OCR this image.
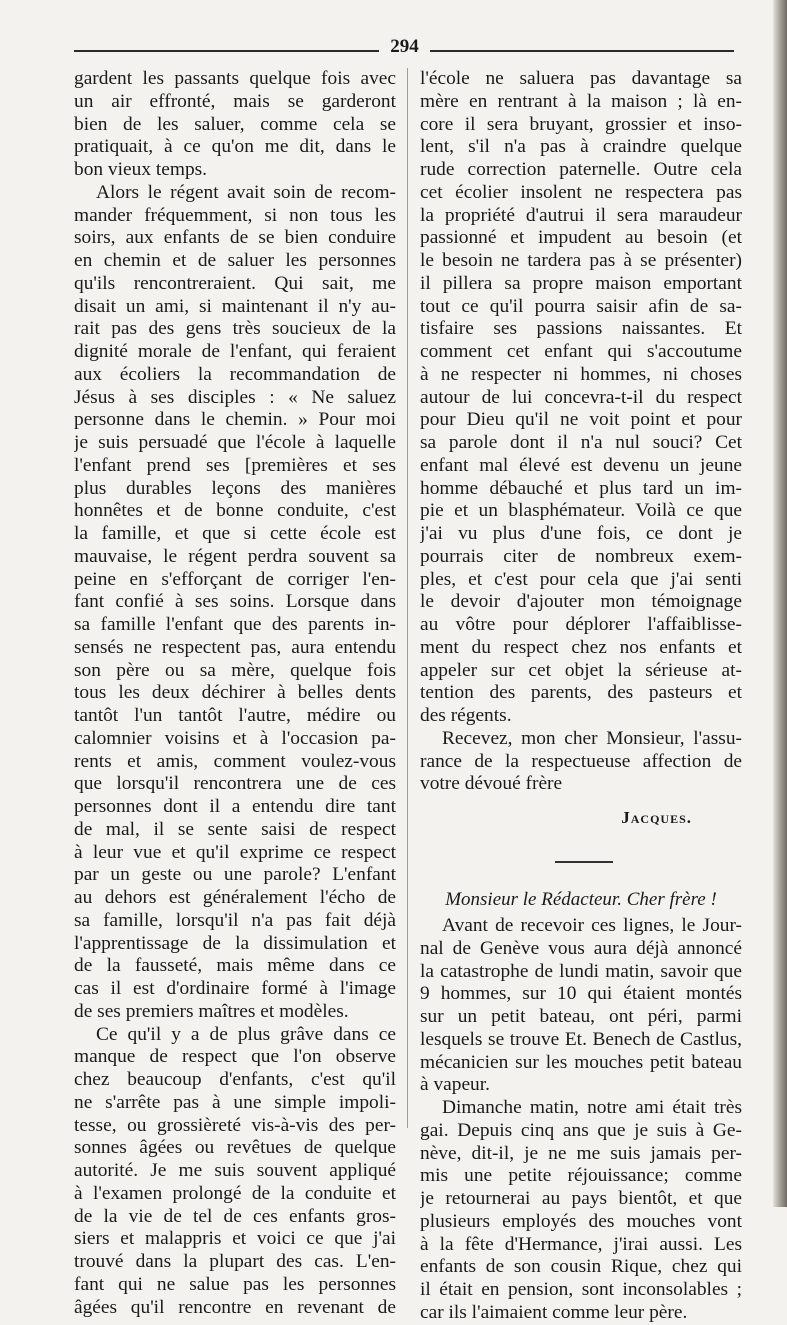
294
gardent les passants quelque fois avec
un air effronté, mais se garderont
bien de les saluer, comme cela se
pratiquait, à ce qu'on me dit, dans le
bon vieux temps.
Alors le régent avait soin de recom-
mander fréquemment, si non tous les
soirs, aux enfants de se bien conduire
en chemin et de saluer les personnes
qu'ils rencontreraient. Qui sait, me
disait un ami, si maintenant il n'y au-
rait pas des gens très soucieux de la
dignité morale de l'enfant, qui feraient
aux écoliers la recommandation de
Jésus à ses disciples : « Ne saluez
personne dans le chemin. » Pour moi
je suis persuadé que l'école à laquelle
l'enfant prend ses [premières et ses
plus durables leçons des manières
honnêtes et de bonne conduite, c'est
la famille, et que si cette école est
mauvaise, le régent perdra souvent sa
peine en s'efforçant de corriger l'en-
fant confié à ses soins. Lorsque dans
sa famille l'enfant que des parents in-
sensés ne respectent pas, aura entendu
son père ou sa mère, quelque fois
tous les deux déchirer à belles dents
tantôt l'un tantôt l'autre, médire ou
calomnier voisins et à l'occasion pa-
rents et amis, comment voulez-vous
que lorsqu'il rencontrera une de ces
personnes dont il a entendu dire tant
de mal, il se sente saisi de respect
à leur vue et qu'il exprime ce respect
par un geste ou une parole? L'enfant
au dehors est généralement l'écho de
sa famille, lorsqu'il n'a pas fait déjà
l'apprentissage de la dissimulation et
de la fausseté, mais même dans ce
cas il est d'ordinaire formé à l'image
de ses premiers maîtres et modèles.
Ce qu'il y a de plus grâve dans ce
manque de respect que l'on observe
chez beaucoup d'enfants, c'est qu'il
ne s'arrête pas à une simple impoli-
tesse, ou grossièreté vis-à-vis des per-
sonnes âgées ou revêtues de quelque
autorité. Je me suis souvent appliqué
à l'examen prolongé de la conduite et
de la vie de tel de ces enfants gros-
siers et malappris et voici ce que j'ai
trouvé dans la plupart des cas. L'en-
fant qui ne salue pas les personnes
âgées qu'il rencontre en revenant de
l'école ne saluera pas davantage sa
mère en rentrant à la maison ; là en-
core il sera bruyant, grossier et inso-
lent, s'il n'a pas à craindre quelque
rude correction paternelle. Outre cela
cet écolier insolent ne respectera pas
la propriété d'autrui il sera maraudeur
passionné et impudent au besoin (et
le besoin ne tardera pas à se présenter)
il pillera sa propre maison emportant
tout ce qu'il pourra saisir afin de sa-
tisfaire ses passions naissantes. Et
comment cet enfant qui s'accoutume
à ne respecter ni hommes, ni choses
autour de lui concevra-t-il du respect
pour Dieu qu'il ne voit point et pour
sa parole dont il n'a nul souci? Cet
enfant mal élevé est devenu un jeune
homme débauché et plus tard un im-
pie et un blasphémateur. Voilà ce que
j'ai vu plus d'une fois, ce dont je
pourrais citer de nombreux exem-
ples, et c'est pour cela que j'ai senti
le devoir d'ajouter mon témoignage
au vôtre pour déplorer l'affaiblisse-
ment du respect chez nos enfants et
appeler sur cet objet la sérieuse at-
tention des parents, des pasteurs et
des régents.
Recevez, mon cher Monsieur, l'assu-
rance de la respectueuse affection de
votre dévoué frère
Jacques.
Monsieur le Rédacteur. Cher frère !
Avant de recevoir ces lignes, le Jour-
nal de Genève vous aura déjà annoncé
la catastrophe de lundi matin, savoir que
9 hommes, sur 10 qui étaient montés
sur un petit bateau, ont péri, parmi
lesquels se trouve Et. Benech de Castlus,
mécanicien sur les mouches petit bateau
à vapeur.
Dimanche matin, notre ami était très
gai. Depuis cinq ans que je suis à Ge-
nève, dit-il, je ne me suis jamais per-
mis une petite réjouissance; comme
je retournerai au pays bientôt, et que
plusieurs employés des mouches vont
à la fête d'Hermance, j'irai aussi. Les
enfants de son cousin Rique, chez qui
il était en pension, sont inconsolables ;
car ils l'aimaient comme leur père.
